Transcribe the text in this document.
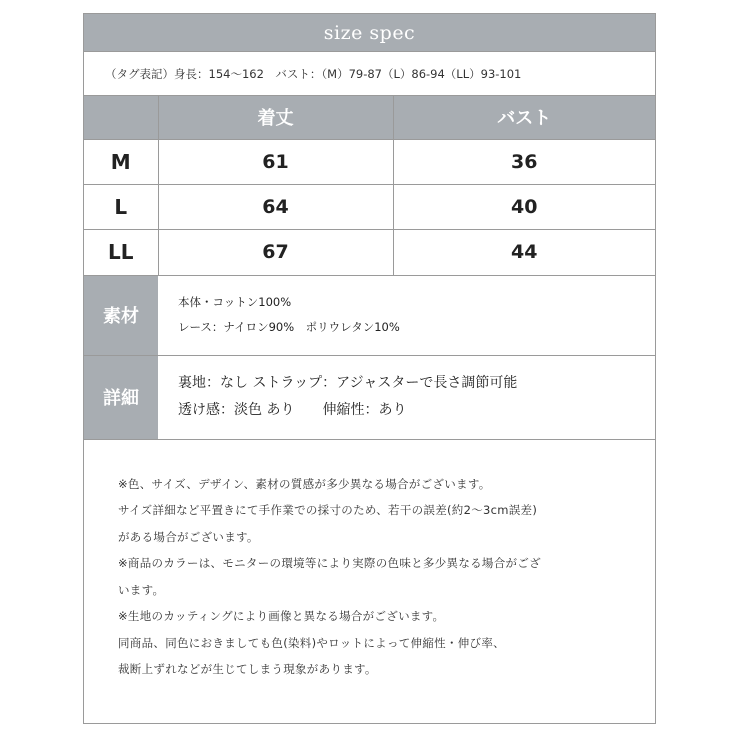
size spec
（タグ表記）身長：154〜162　バスト：（M）79-87（L）86-94（LL）93-101
	着丈	バスト
M	61	36
L	64	40
LL	67	44
素材
本体・コットン100%
レース：ナイロン90%　ポリウレタン10%
詳細
裏地：なし ストラップ：アジャスターで長さ調節可能
透け感：淡色 あり　　伸縮性：あり
※色、サイズ、デザイン、素材の質感が多少異なる場合がございます。
サイズ詳細など平置きにて手作業での採寸のため、若干の誤差(約2〜3cm誤差)
がある場合がございます。
※商品のカラーは、モニターの環境等により実際の色味と多少異なる場合がござ
います。
※生地のカッティングにより画像と異なる場合がございます。
同商品、同色におきましても色(染料)やロットによって伸縮性・伸び率、
裁断上ずれなどが生じてしまう現象があります。
